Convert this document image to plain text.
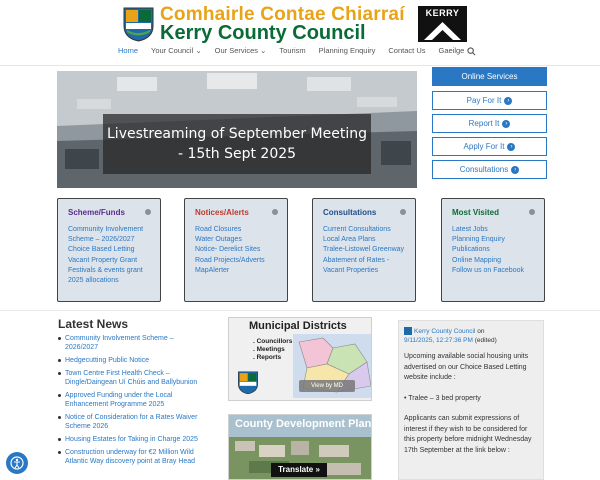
Comhairle Contae Chiarraí
Kerry County Council
KERRY
Home Your Council ⌄ Our Services ⌄ Tourism Planning Enquiry Contact Us Gaeilge
Livestreaming of September Meeting - 15th Sept 2025
Online Services
Pay For It ›
Report It ›
Apply For It ›
Consultations ›
Scheme/Funds
Community Involvement
Scheme – 2026/2027
Choice Based Letting
Vacant Property Grant
Festivals & events grant
2025 allocations
Notices/Alerts
Road Closures
Water Outages
Notice- Derelict Sites
Road Projects/Adverts
MapAlerter
Consultations
Current Consultations
Local Area Plans
Tralee-Listowel Greenway
Abatement of Rates -
Vacant Properties
Most Visited
Latest Jobs
Planning Enquiry
Publications
Online Mapping
Follow us on Facebook
Latest News
Community Involvement Scheme – 2026/2027
Hedgecutting Public Notice
Town Centre First Health Check – Dingle/Daingean Uí Chúis and Ballybunion
Approved Funding under the Local Enhancement Programme 2025
Notice of Consideration for a Rates Waiver Scheme 2026
Housing Estates for Taking in Charge 2025
Construction underway for €2 Million Wild Atlantic Way discovery point at Bray Head
Municipal Districts
. Councillors
. Meetings
. Reports
View by MD
County Development Plan
Translate »
Kerry County Council on
9/11/2025, 12:27:36 PM (edited)

Upcoming available social housing units advertised on our Choice Based Letting website include :

• Tralee – 3 bed property

Applicants can submit expressions of interest if they wish to be considered for this property before midnight Wednesday 17th September at the link below :
